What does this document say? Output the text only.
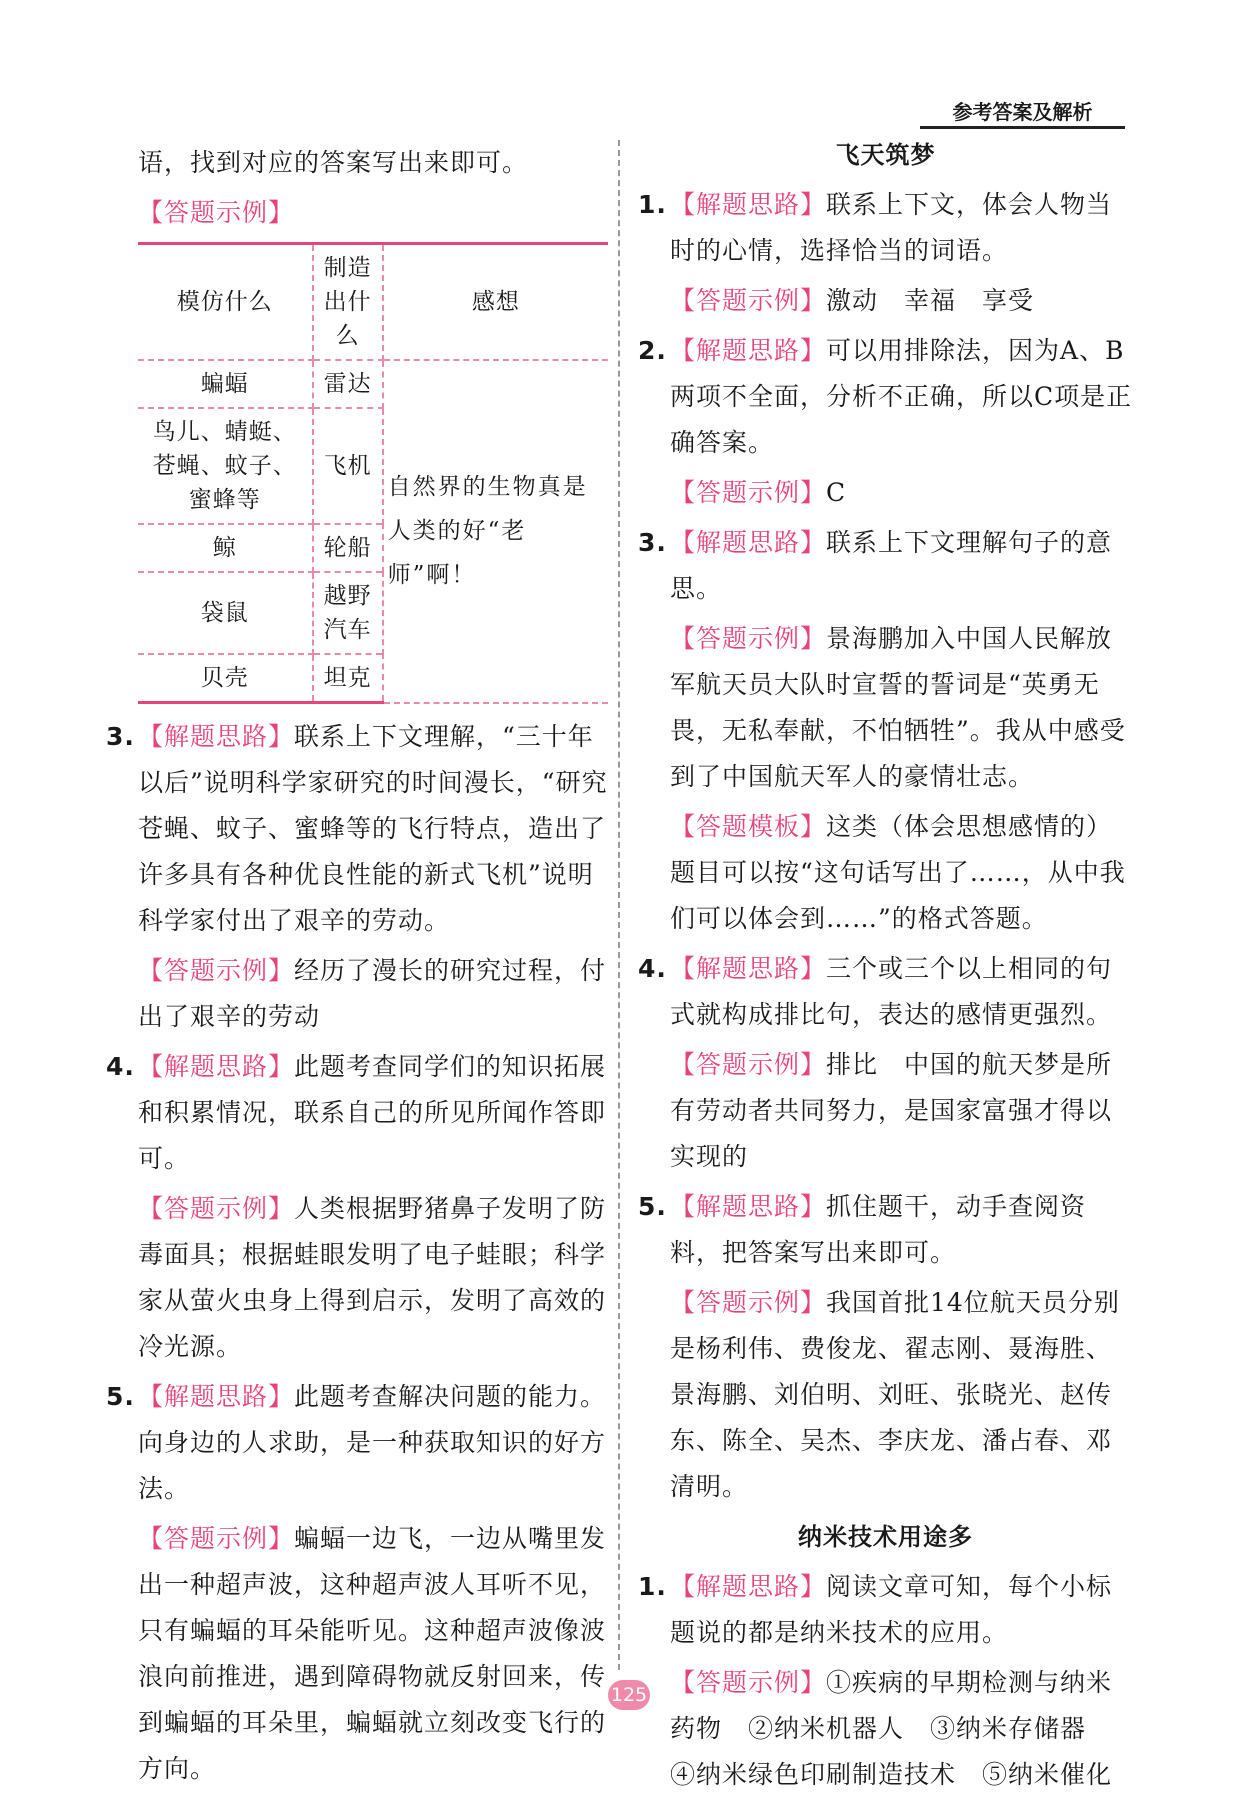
参考答案及解析

语，找到对应的答案写出来即可。

【答题示例】

模仿什么	制造出什么	感想
蝙蝠	雷达	自然界的生物真是人类的好“老师”啊！
鸟儿、蜻蜓、苍蝇、蚊子、蜜蜂等	飞机	
鲸	轮船	
袋鼠	越野汽车	
贝壳	坦克	

3. 【解题思路】联系上下文理解，“三十年以后”说明科学家研究的时间漫长，“研究苍蝇、蚊子、蜜蜂等的飞行特点，造出了许多具有各种优良性能的新式飞机”说明科学家付出了艰辛的劳动。

【答题示例】经历了漫长的研究过程，付出了艰辛的劳动

4. 【解题思路】此题考查同学们的知识拓展和积累情况，联系自己的所见所闻作答即可。

【答题示例】人类根据野猪鼻子发明了防毒面具；根据蛙眼发明了电子蛙眼；科学家从萤火虫身上得到启示，发明了高效的冷光源。

5. 【解题思路】此题考查解决问题的能力。向身边的人求助，是一种获取知识的好方法。

【答题示例】蝙蝠一边飞，一边从嘴里发出一种超声波，这种超声波人耳听不见，只有蝙蝠的耳朵能听见。这种超声波像波浪向前推进，遇到障碍物就反射回来，传到蝙蝠的耳朵里，蝙蝠就立刻改变飞行的方向。

飞天筑梦

1. 【解题思路】联系上下文，体会人物当时的心情，选择恰当的词语。

【答题示例】激动　幸福　享受

2. 【解题思路】可以用排除法，因为A、B两项不全面，分析不正确，所以C项是正确答案。

【答题示例】C

3. 【解题思路】联系上下文理解句子的意思。

【答题示例】景海鹏加入中国人民解放军航天员大队时宣誓的誓词是“英勇无畏，无私奉献，不怕牺牲”。我从中感受到了中国航天军人的豪情壮志。

【答题模板】这类（体会思想感情的）题目可以按“这句话写出了……，从中我们可以体会到……”的格式答题。

4. 【解题思路】三个或三个以上相同的句式就构成排比句，表达的感情更强烈。

【答题示例】排比　中国的航天梦是所有劳动者共同努力，是国家富强才得以实现的

5. 【解题思路】抓住题干，动手查阅资料，把答案写出来即可。

【答题示例】我国首批14位航天员分别是杨利伟、费俊龙、翟志刚、聂海胜、景海鹏、刘伯明、刘旺、张晓光、赵传东、陈全、吴杰、李庆龙、潘占春、邓清明。

纳米技术用途多

1. 【解题思路】阅读文章可知，每个小标题说的都是纳米技术的应用。

【答题示例】①疾病的早期检测与纳米药物　②纳米机器人　③纳米存储器　④纳米绿色印刷制造技术　⑤纳米催化

125
